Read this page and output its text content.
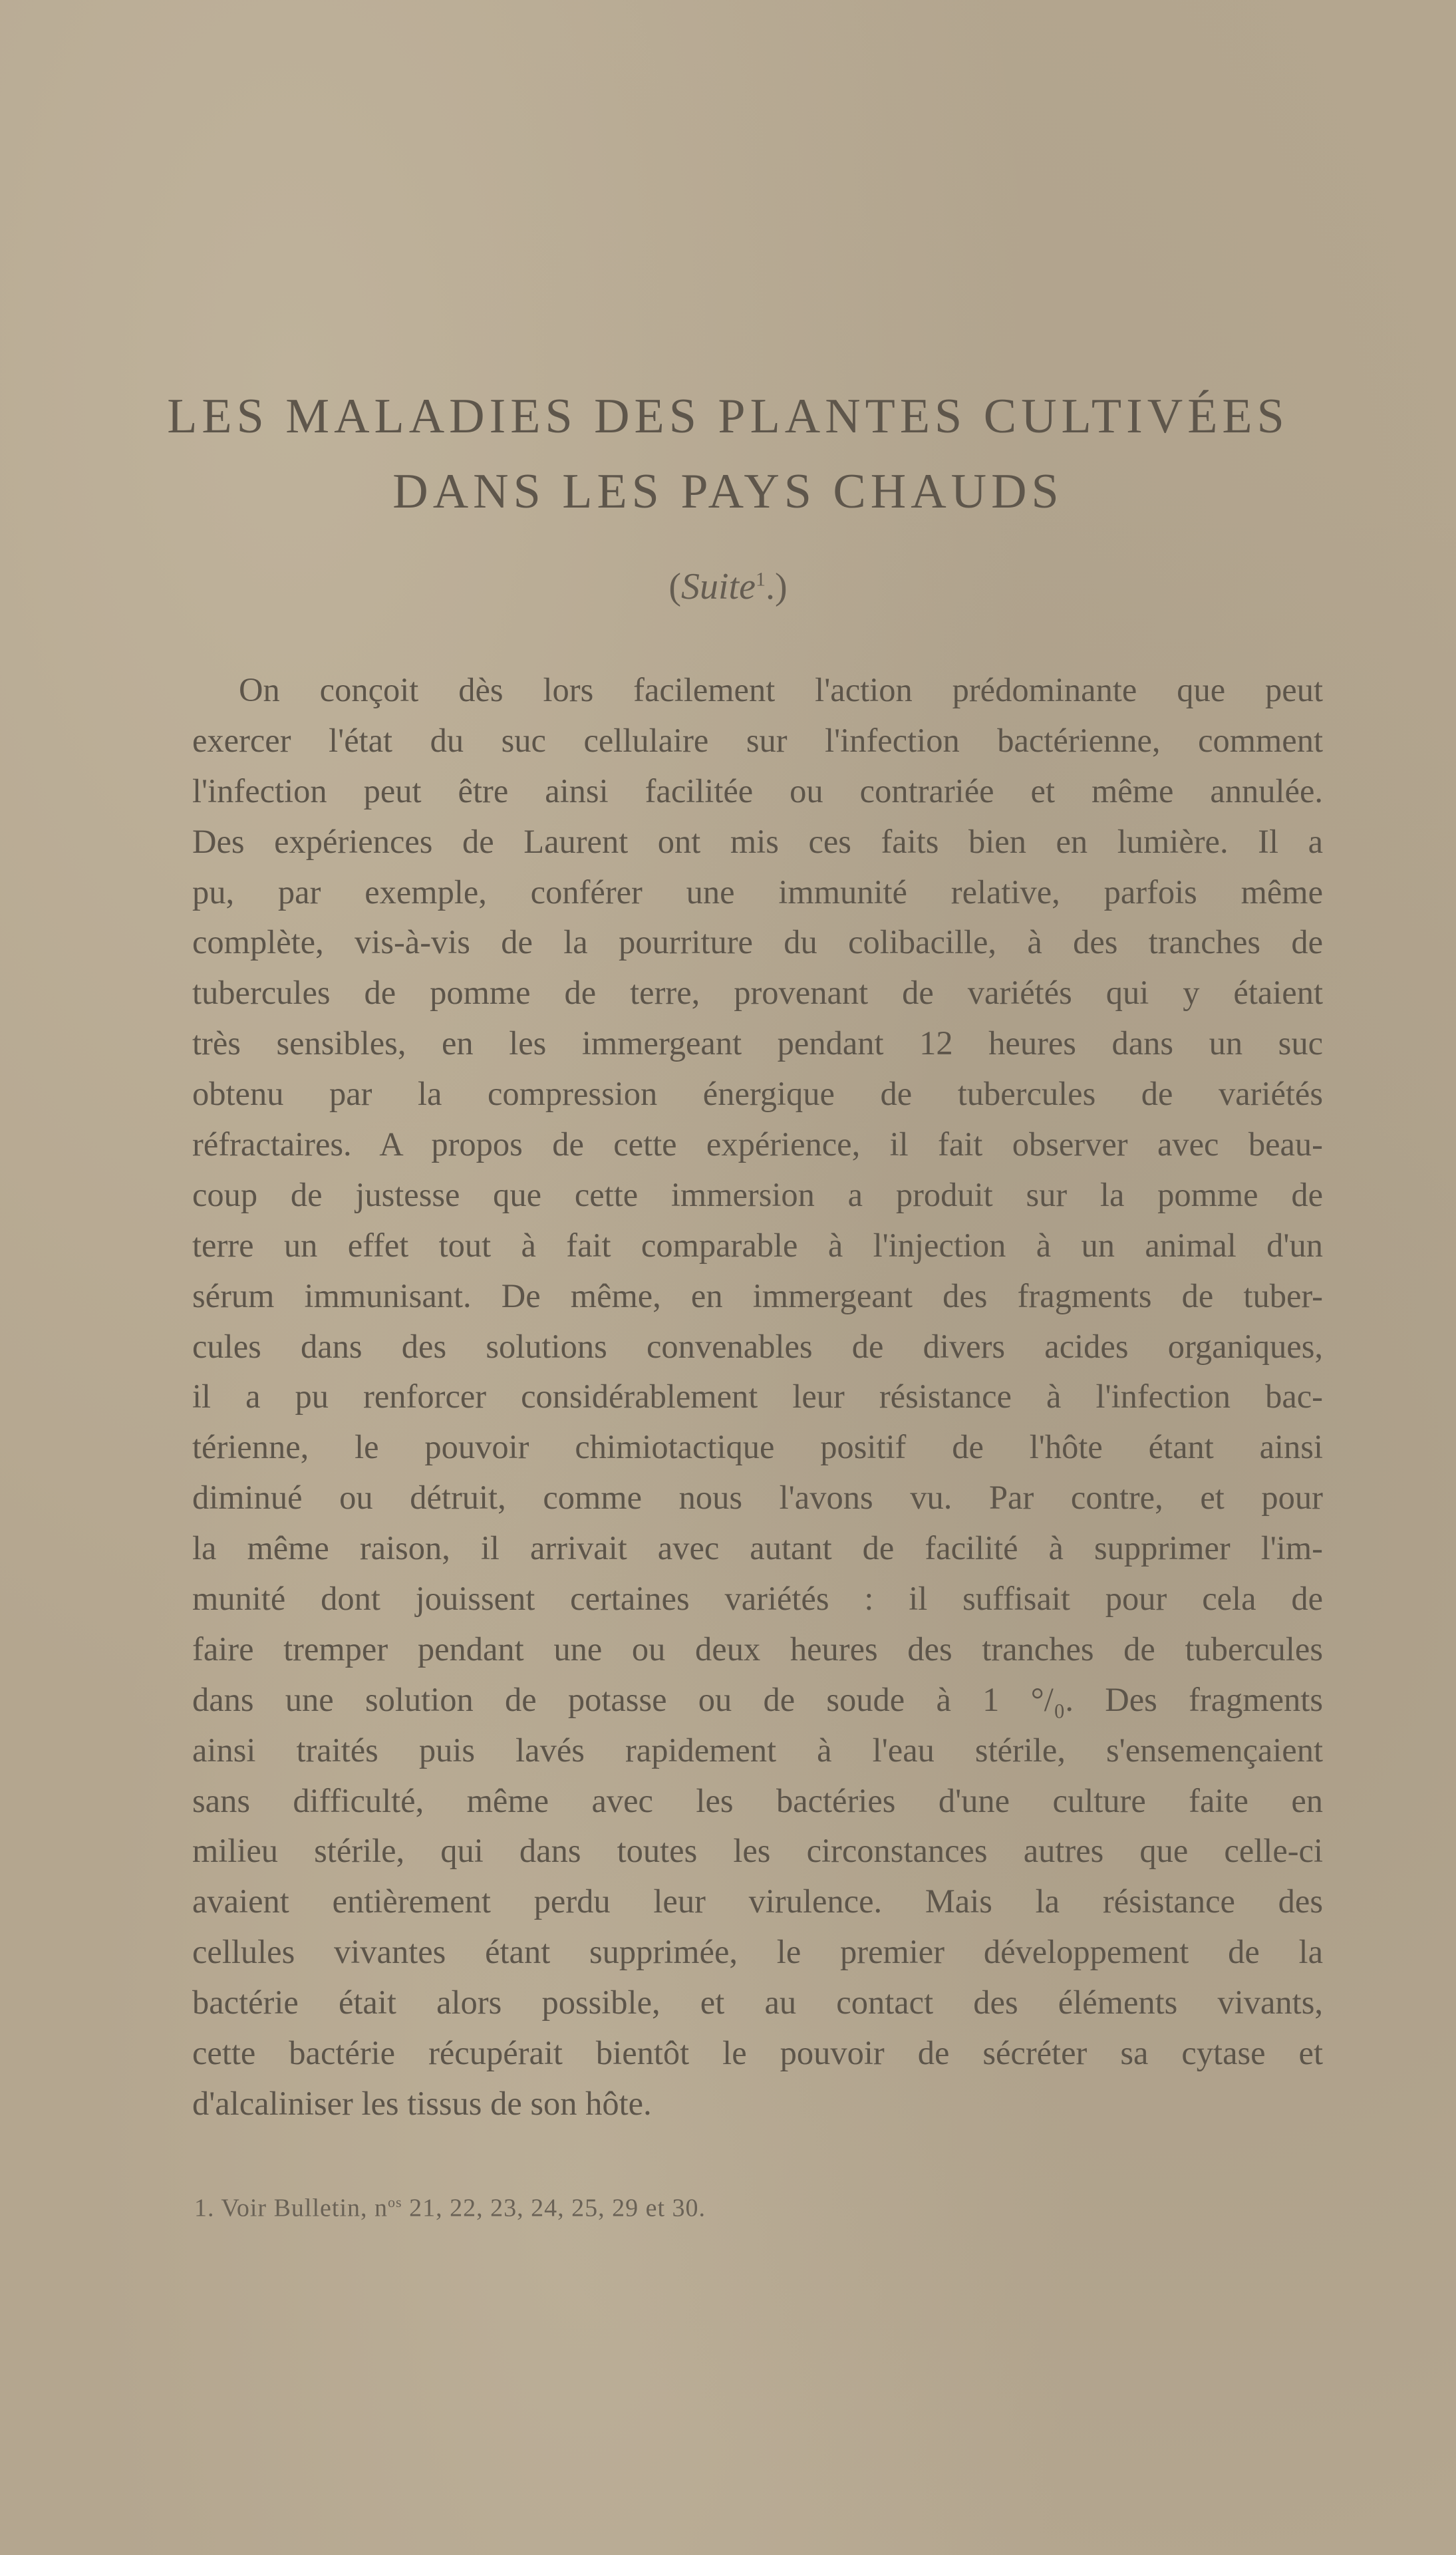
LES MALADIES DES PLANTES CULTIVÉES
DANS LES PAYS CHAUDS
(Suite$^1$.)
On conçoit dès lors facilement l'action prédominante que peut
exercer l'état du suc cellulaire sur l'infection bactérienne, comment
l'infection peut être ainsi facilitée ou contrariée et même annulée.
Des expériences de Laurent ont mis ces faits bien en lumière. Il a
pu, par exemple, conférer une immunité relative, parfois même
complète, vis-à-vis de la pourriture du colibacille, à des tranches de
tubercules de pomme de terre, provenant de variétés qui y étaient
très sensibles, en les immergeant pendant 12 heures dans un suc
obtenu par la compression énergique de tubercules de variétés
réfractaires. A propos de cette expérience, il fait observer avec beau-
coup de justesse que cette immersion a produit sur la pomme de
terre un effet tout à fait comparable à l'injection à un animal d'un
sérum immunisant. De même, en immergeant des fragments de tuber-
cules dans des solutions convenables de divers acides organiques,
il a pu renforcer considérablement leur résistance à l'infection bac-
térienne, le pouvoir chimiotactique positif de l'hôte étant ainsi
diminué ou détruit, comme nous l'avons vu. Par contre, et pour
la même raison, il arrivait avec autant de facilité à supprimer l'im-
munité dont jouissent certaines variétés : il suffisait pour cela de
faire tremper pendant une ou deux heures des tranches de tubercules
dans une solution de potasse ou de soude à 1 °/₀. Des fragments
ainsi traités puis lavés rapidement à l'eau stérile, s'ensemençaient
sans difficulté, même avec les bactéries d'une culture faite en
milieu stérile, qui dans toutes les circonstances autres que celle-ci
avaient entièrement perdu leur virulence. Mais la résistance des
cellules vivantes étant supprimée, le premier développement de la
bactérie était alors possible, et au contact des éléments vivants,
cette bactérie récupérait bientôt le pouvoir de sécréter sa cytase et
d'alcaliniser les tissus de son hôte.
1. Voir Bulletin, $n^{os}$ 21, 22, 23, 24, 25, 29 et 30.
